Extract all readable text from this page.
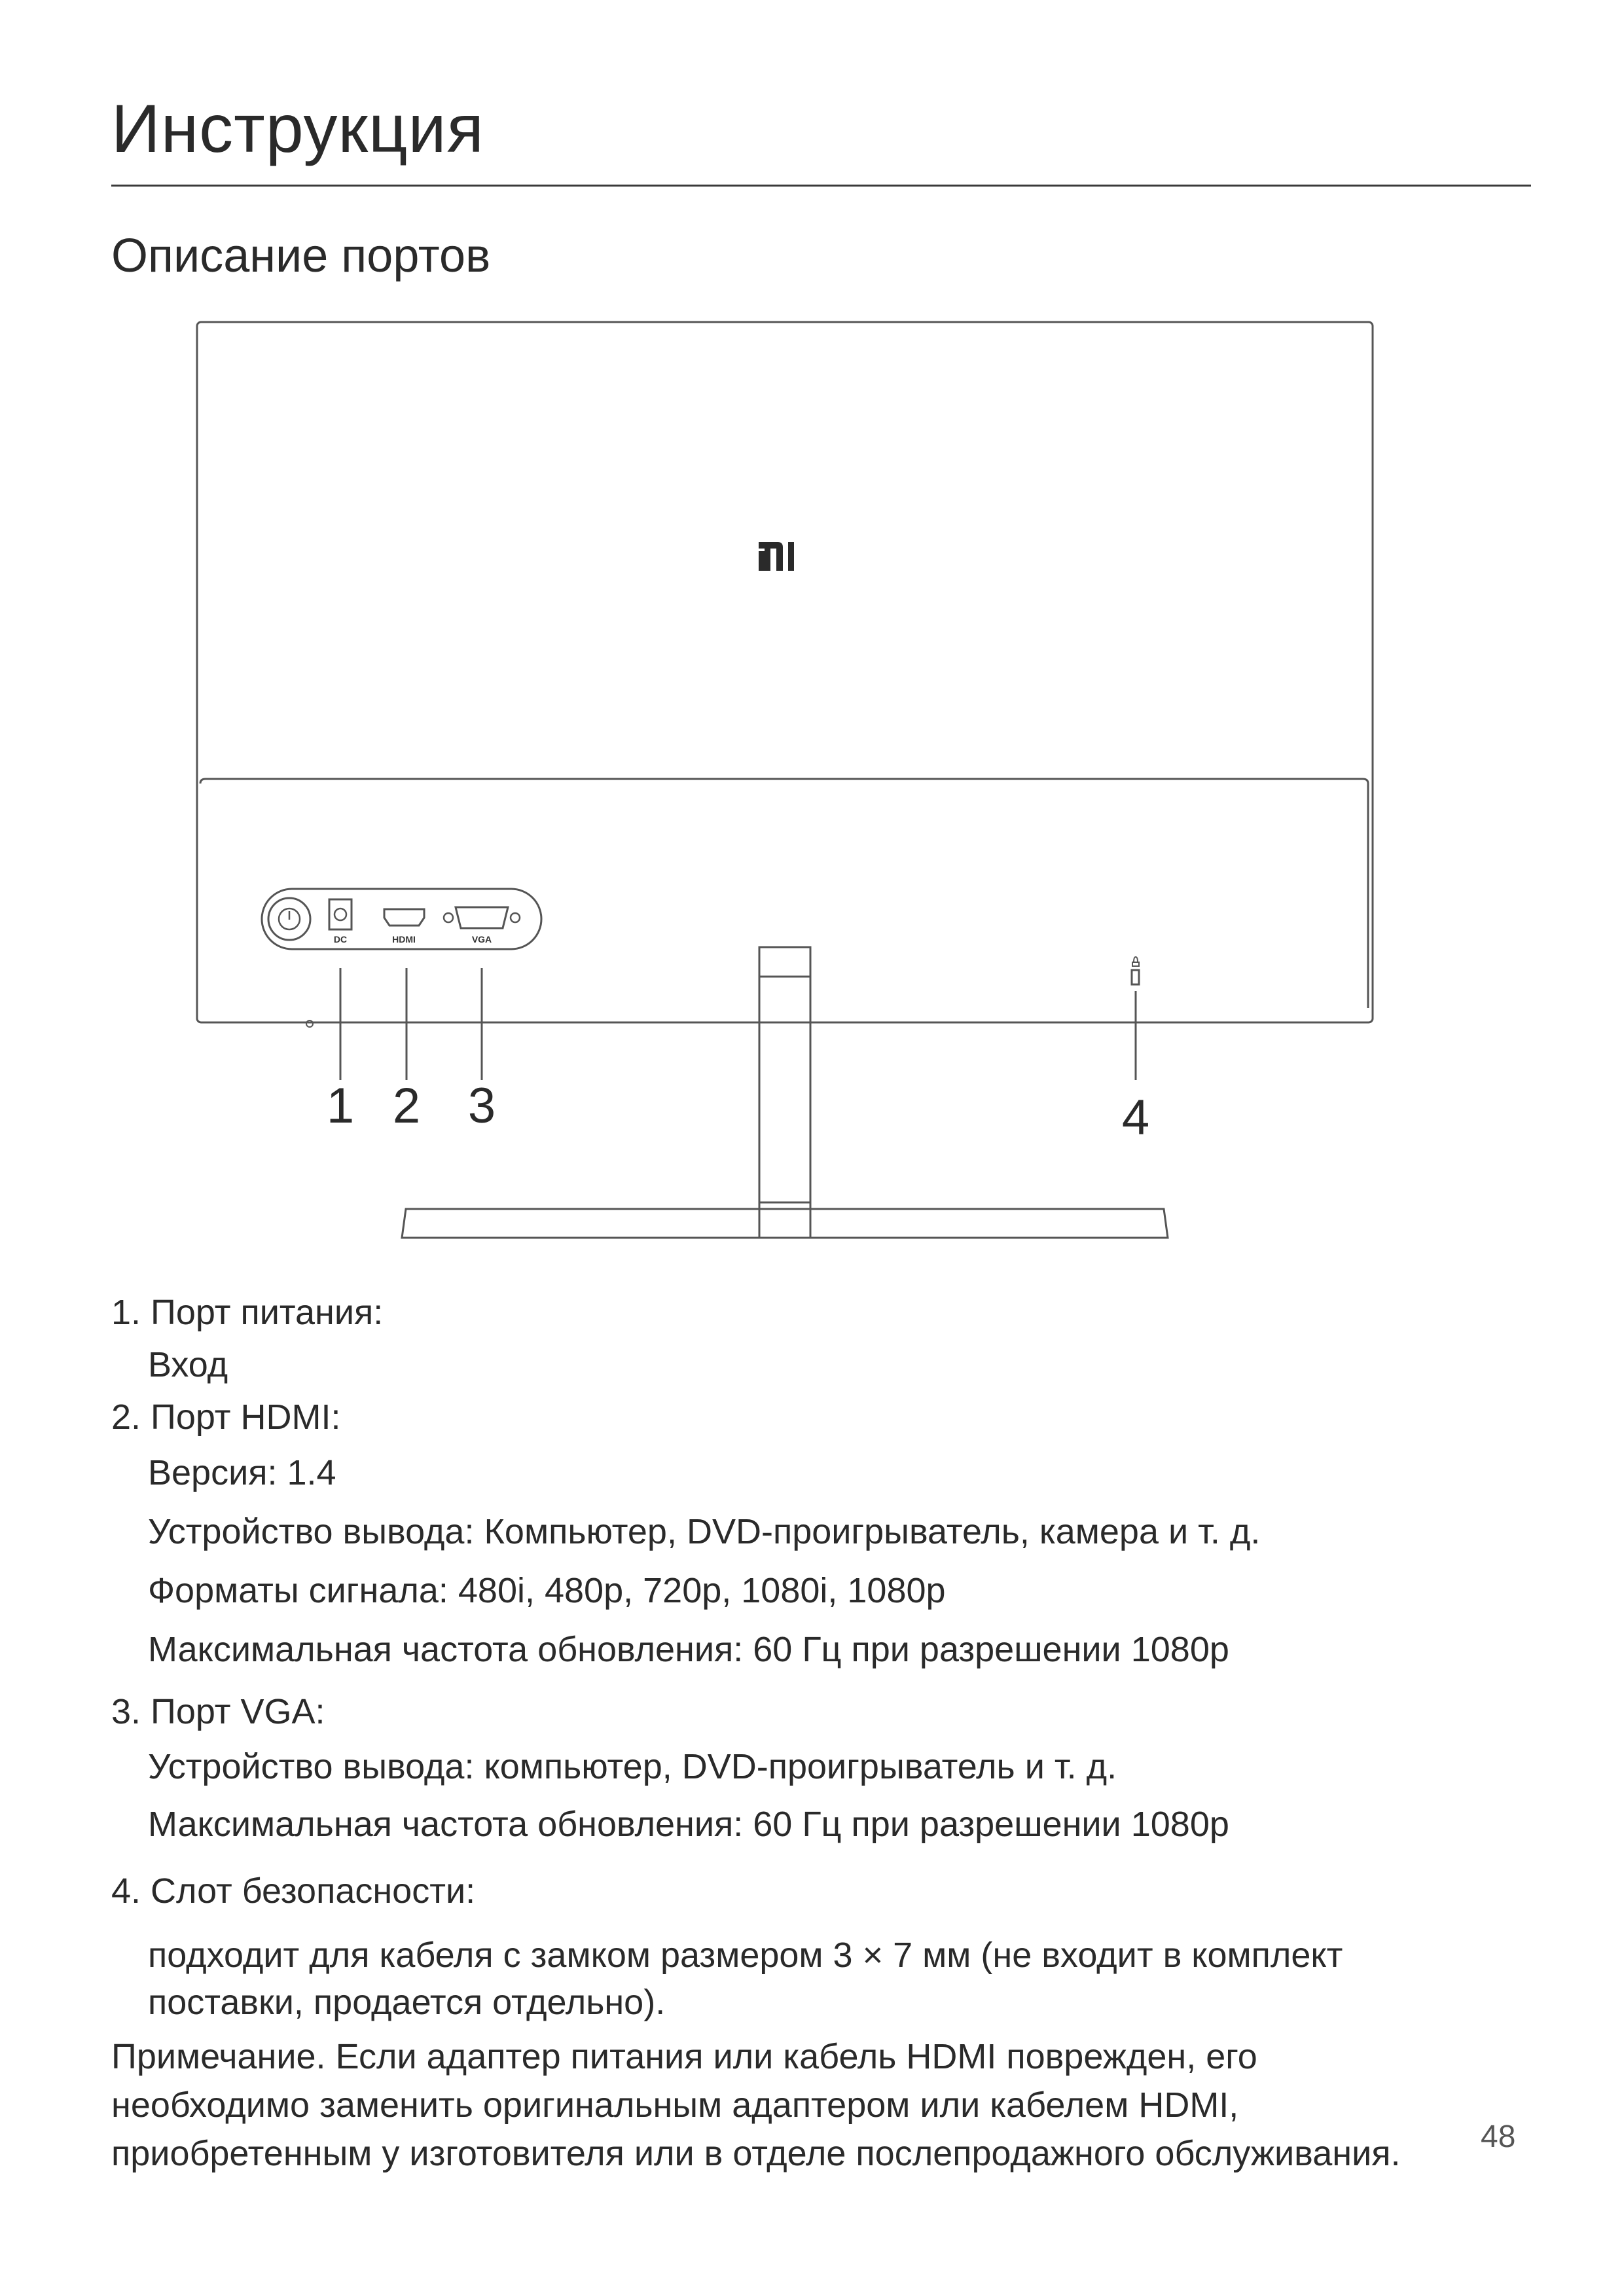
Инструкция
Описание портов
DC	HDMI	VGA
1 2 3	4
1. Порт питания:
Вход
2. Порт HDMI:
Версия: 1.4
Устройство вывода: Компьютер, DVD-проигрыватель, камера и т. д.
Форматы сигнала: 480i, 480p, 720p, 1080i, 1080p
Максимальная частота обновления: 60 Гц при разрешении 1080p
3. Порт VGA:
Устройство вывода: компьютер, DVD-проигрыватель и т. д.
Максимальная частота обновления: 60 Гц при разрешении 1080p
4. Слот безопасности:
подходит для кабеля с замком размером 3 × 7 мм (не входит в комплект
поставки, продается отдельно).
Примечание. Если адаптер питания или кабель HDMI поврежден, его
необходимо заменить оригинальным адаптером или кабелем HDMI,
приобретенным у изготовителя или в отделе послепродажного обслуживания.	48
